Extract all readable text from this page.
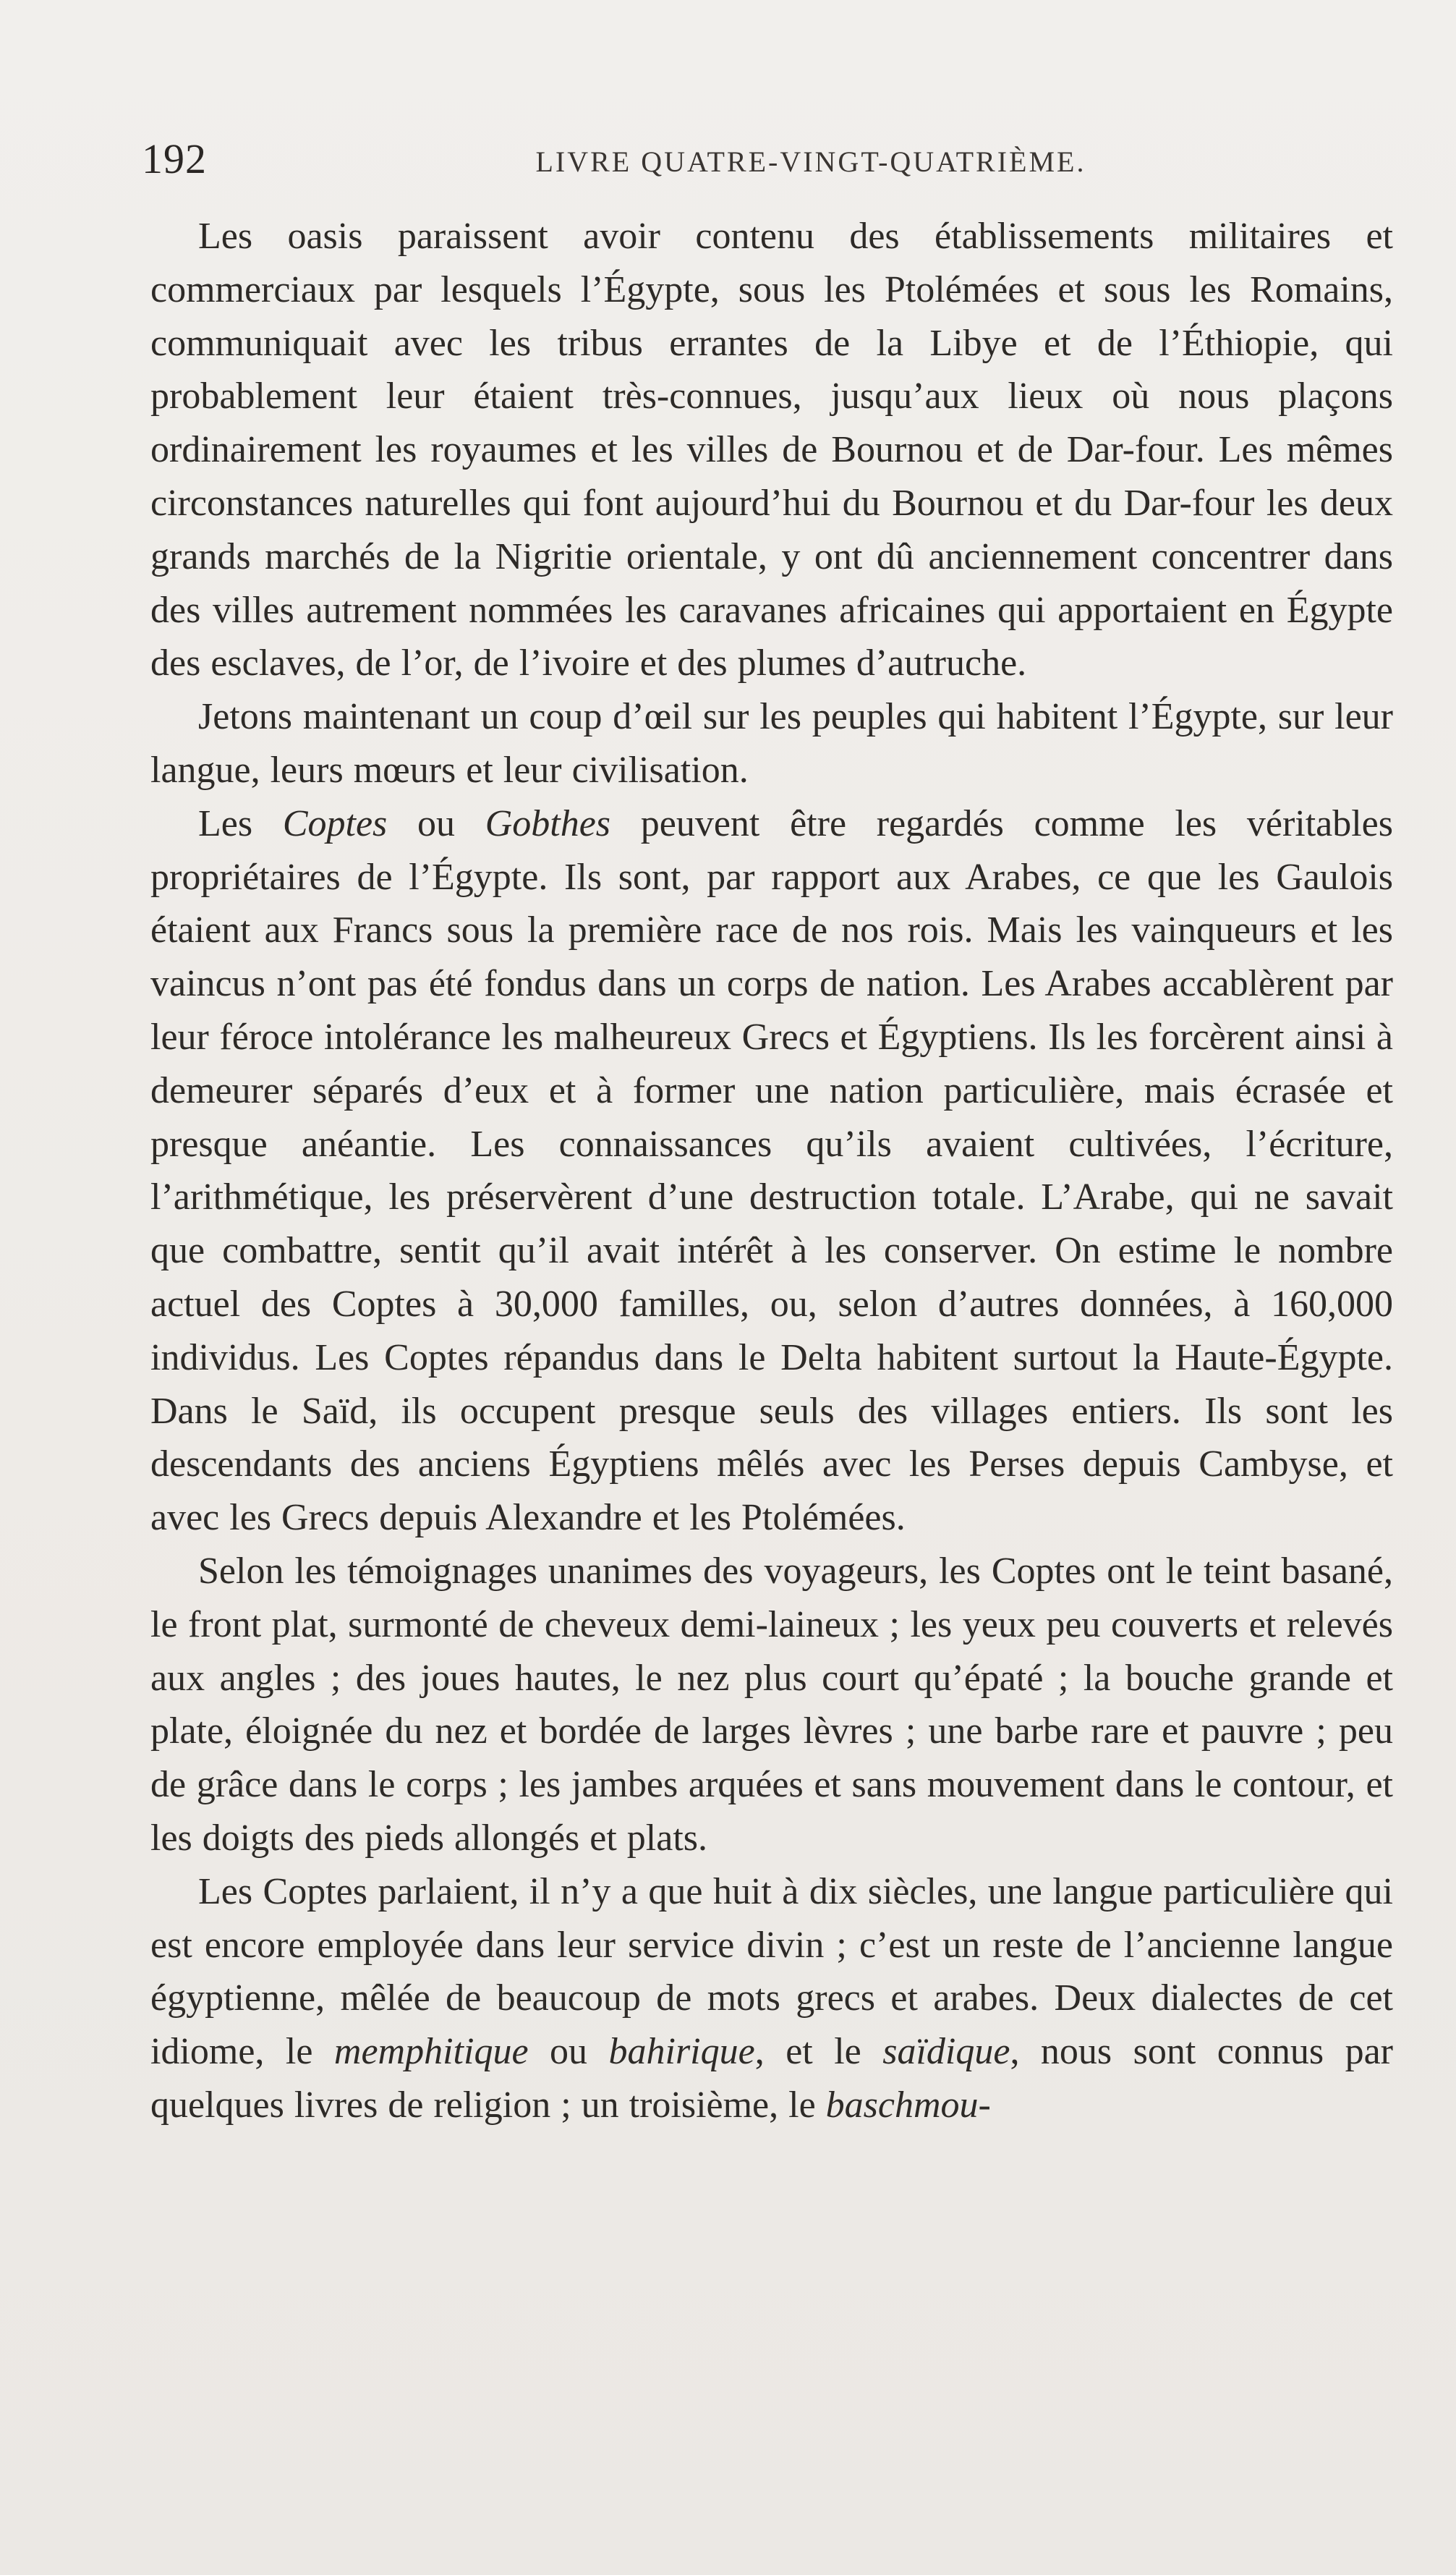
192	LIVRE QUATRE-VINGT-QUATRIÈME.

Les oasis paraissent avoir contenu des établissements militaires et commerciaux par lesquels l’Égypte, sous les Ptolémées et sous les Romains, communiquait avec les tribus errantes de la Libye et de l’Éthiopie, qui probablement leur étaient très-connues, jusqu’aux lieux où nous plaçons ordinairement les royaumes et les villes de Bournou et de Dar-four. Les mêmes circonstances naturelles qui font aujourd’hui du Bournou et du Dar-four les deux grands marchés de la Nigritie orientale, y ont dû anciennement concentrer dans des villes autrement nommées les caravanes africaines qui apportaient en Égypte des esclaves, de l’or, de l’ivoire et des plumes d’autruche.

Jetons maintenant un coup d’œil sur les peuples qui habitent l’Égypte, sur leur langue, leurs mœurs et leur civilisation.

Les Coptes ou Gobthes peuvent être regardés comme les véritables propriétaires de l’Égypte. Ils sont, par rapport aux Arabes, ce que les Gaulois étaient aux Francs sous la première race de nos rois. Mais les vainqueurs et les vaincus n’ont pas été fondus dans un corps de nation. Les Arabes accablèrent par leur féroce intolérance les malheureux Grecs et Égyptiens. Ils les forcèrent ainsi à demeurer séparés d’eux et à former une nation particulière, mais écrasée et presque anéantie. Les connaissances qu’ils avaient cultivées, l’écriture, l’arithmétique, les préservèrent d’une destruction totale. L’Arabe, qui ne savait que combattre, sentit qu’il avait intérêt à les conserver. On estime le nombre actuel des Coptes à 30,000 familles, ou, selon d’autres données, à 160,000 individus. Les Coptes répandus dans le Delta habitent surtout la Haute-Égypte. Dans le Saïd, ils occupent presque seuls des villages entiers. Ils sont les descendants des anciens Égyptiens mêlés avec les Perses depuis Cambyse, et avec les Grecs depuis Alexandre et les Ptolémées.

Selon les témoignages unanimes des voyageurs, les Coptes ont le teint basané, le front plat, surmonté de cheveux demi-laineux ; les yeux peu couverts et relevés aux angles ; des joues hautes, le nez plus court qu’épaté ; la bouche grande et plate, éloignée du nez et bordée de larges lèvres ; une barbe rare et pauvre ; peu de grâce dans le corps ; les jambes arquées et sans mouvement dans le contour, et les doigts des pieds allongés et plats.

Les Coptes parlaient, il n’y a que huit à dix siècles, une langue particulière qui est encore employée dans leur service divin ; c’est un reste de l’ancienne langue égyptienne, mêlée de beaucoup de mots grecs et arabes. Deux dialectes de cet idiome, le memphitique ou bahirique, et le saïdique, nous sont connus par quelques livres de religion ; un troisième, le baschmou-
